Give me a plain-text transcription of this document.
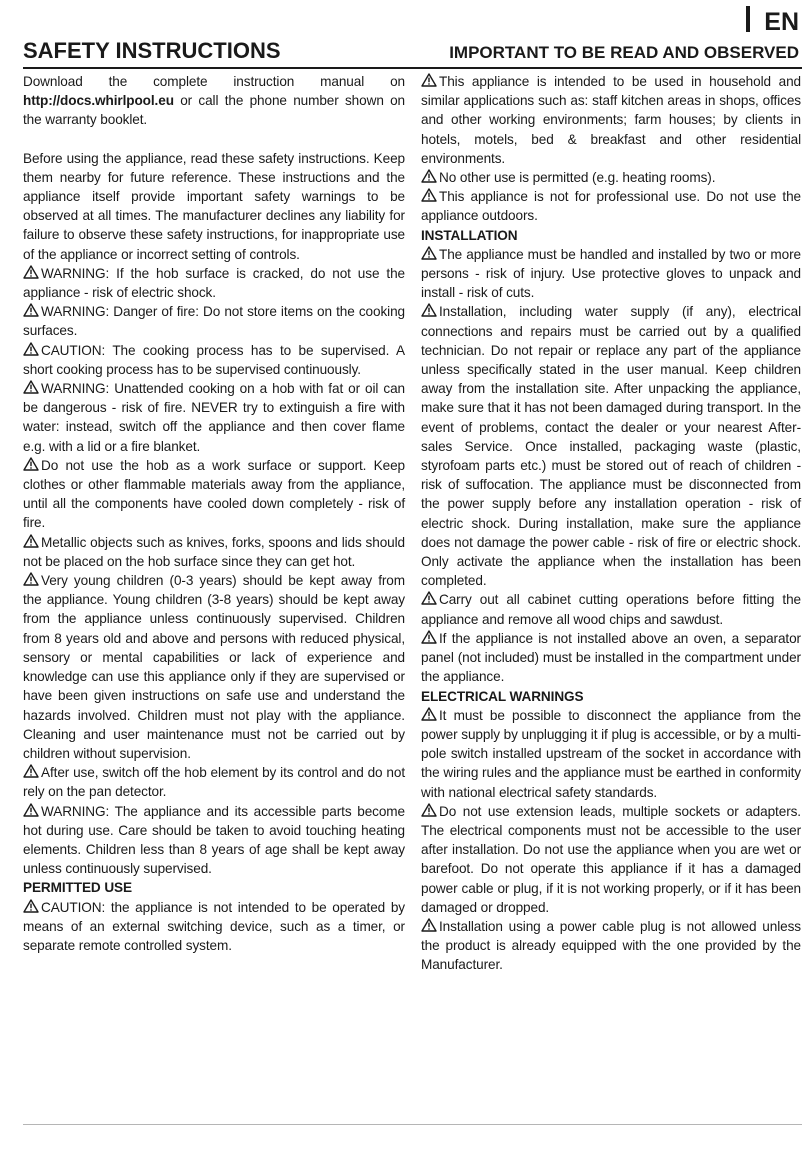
EN
SAFETY INSTRUCTIONS	IMPORTANT TO BE READ AND OBSERVED

Download the complete instruction manual on http://docs.whirlpool.eu or call the phone number shown on the warranty booklet.

Before using the appliance, read these safety instructions. Keep them nearby for future reference. These instructions and the appliance itself provide important safety warnings to be observed at all times. The manufacturer declines any liability for failure to observe these safety instructions, for inappropriate use of the appliance or incorrect setting of controls.

WARNING: If the hob surface is cracked, do not use the appliance - risk of electric shock.

WARNING: Danger of fire: Do not store items on the cooking surfaces.

CAUTION: The cooking process has to be supervised. A short cooking process has to be supervised continuously.

WARNING: Unattended cooking on a hob with fat or oil can be dangerous - risk of fire. NEVER try to extinguish a fire with water: instead, switch off the appliance and then cover flame e.g. with a lid or a fire blanket.

Do not use the hob as a work surface or support. Keep clothes or other flammable materials away from the appliance, until all the components have cooled down completely - risk of fire.

Metallic objects such as knives, forks, spoons and lids should not be placed on the hob surface since they can get hot.

Very young children (0-3 years) should be kept away from the appliance. Young children (3-8 years) should be kept away from the appliance unless continuously supervised. Children from 8 years old and above and persons with reduced physical, sensory or mental capabilities or lack of experience and knowledge can use this appliance only if they are supervised or have been given instructions on safe use and understand the hazards involved. Children must not play with the appliance. Cleaning and user maintenance must not be carried out by children without supervision.

After use, switch off the hob element by its control and do not rely on the pan detector.

WARNING: The appliance and its accessible parts become hot during use. Care should be taken to avoid touching heating elements. Children less than 8 years of age shall be kept away unless continuously supervised.

PERMITTED USE

CAUTION: the appliance is not intended to be operated by means of an external switching device, such as a timer, or separate remote controlled system.

This appliance is intended to be used in household and similar applications such as: staff kitchen areas in shops, offices and other working environments; farm houses; by clients in hotels, motels, bed & breakfast and other residential environments.

No other use is permitted (e.g. heating rooms).

This appliance is not for professional use. Do not use the appliance outdoors.

INSTALLATION

The appliance must be handled and installed by two or more persons - risk of injury. Use protective gloves to unpack and install - risk of cuts.

Installation, including water supply (if any), electrical connections and repairs must be carried out by a qualified technician. Do not repair or replace any part of the appliance unless specifically stated in the user manual. Keep children away from the installation site. After unpacking the appliance, make sure that it has not been damaged during transport. In the event of problems, contact the dealer or your nearest After-sales Service. Once installed, packaging waste (plastic, styrofoam parts etc.) must be stored out of reach of children - risk of suffocation. The appliance must be disconnected from the power supply before any installation operation - risk of electric shock. During installation, make sure the appliance does not damage the power cable - risk of fire or electric shock. Only activate the appliance when the installation has been completed.

Carry out all cabinet cutting operations before fitting the appliance and remove all wood chips and sawdust.

If the appliance is not installed above an oven, a separator panel (not included) must be installed in the compartment under the appliance.

ELECTRICAL WARNINGS

It must be possible to disconnect the appliance from the power supply by unplugging it if plug is accessible, or by a multi-pole switch installed upstream of the socket in accordance with the wiring rules and the appliance must be earthed in conformity with national electrical safety standards.

Do not use extension leads, multiple sockets or adapters. The electrical components must not be accessible to the user after installation. Do not use the appliance when you are wet or barefoot. Do not operate this appliance if it has a damaged power cable or plug, if it is not working properly, or if it has been damaged or dropped.

Installation using a power cable plug is not allowed unless the product is already equipped with the one provided by the Manufacturer.
